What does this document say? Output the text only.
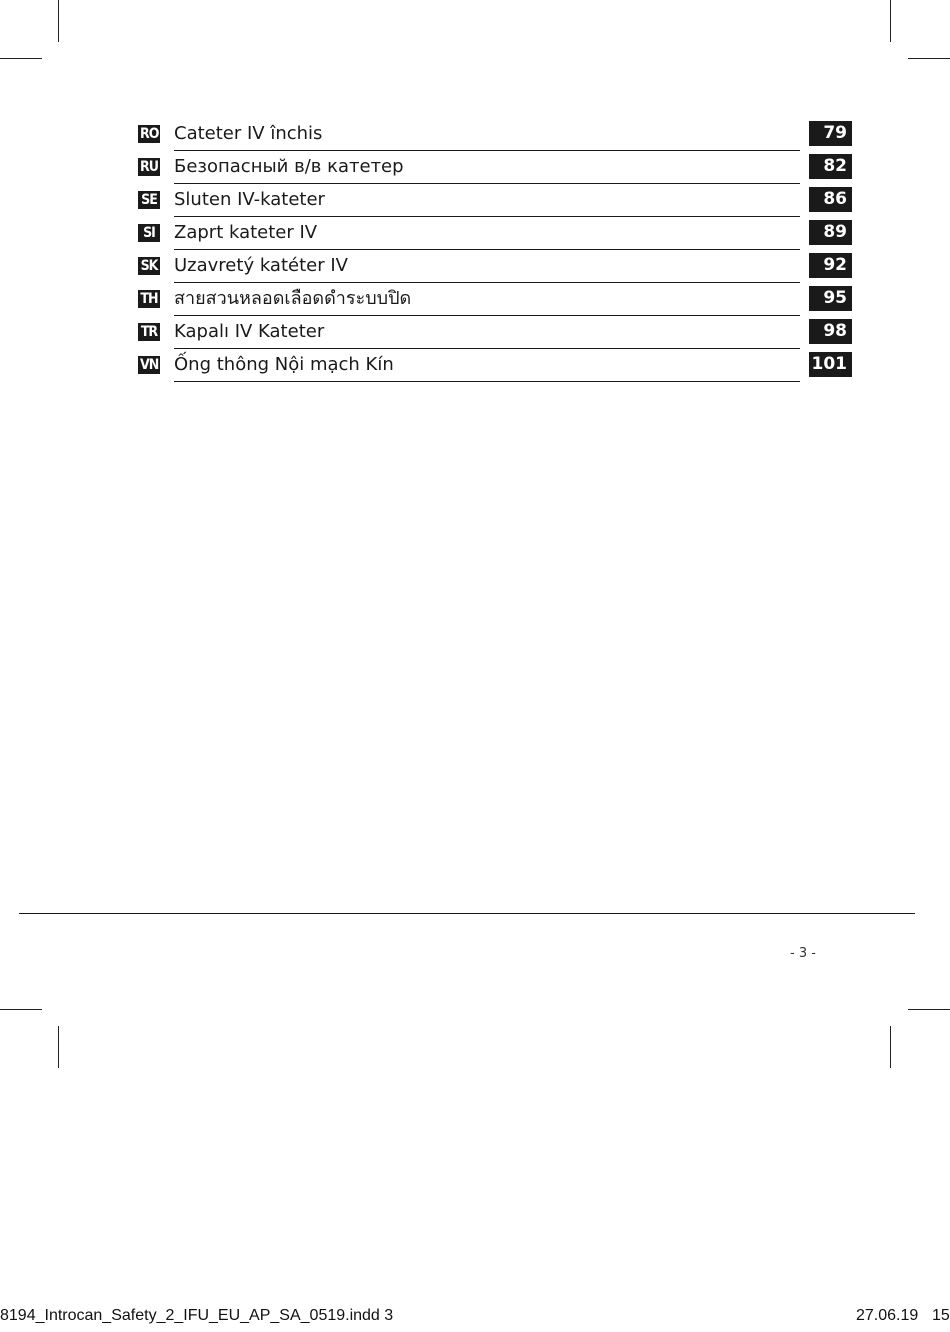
RO Cateter IV închis	79
RU Безопасный в/в катетер	82
SE Sluten IV-kateter	86
SI Zaprt kateter IV	89
SK Uzavretý katéter IV	92
TH สายสวนหลอดเลือดดำระบบปิด	95
TR Kapalı IV Kateter	98
VN Ống thông Nội mạch Kín	101
- 3 -
8194_Introcan_Safety_2_IFU_EU_AP_SA_0519.indd 3	27.06.19 15
